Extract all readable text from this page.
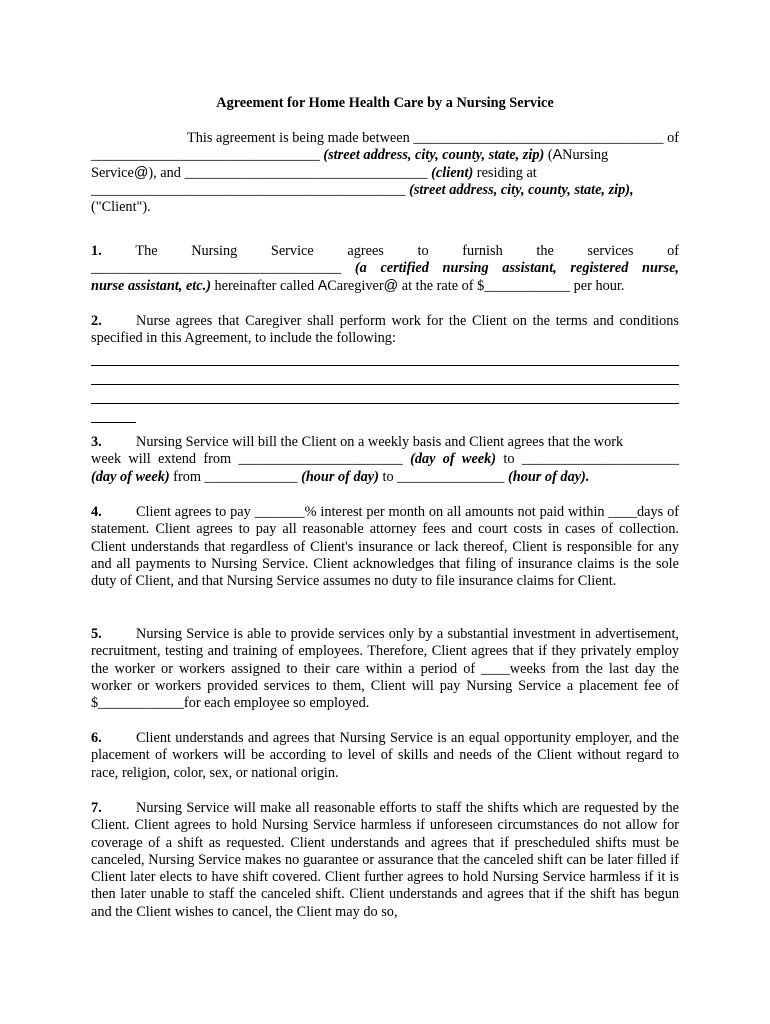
Agreement for Home Health Care by a Nursing Service
This agreement is being made between ___________________________________ of
________________________________ (street address, city, county, state, zip) (ANursing
Service@), and __________________________________ (client) residing at
____________________________________________ (street address, city, county, state, zip),
("Client").
1. The Nursing Service agrees to furnish the services of
___________________________________ (a certified nursing assistant, registered nurse,
nurse assistant, etc.) hereinafter called ACaregiver@ at the rate of $____________ per hour.
2. Nurse agrees that Caregiver shall perform work for the Client on the terms and conditions specified in this Agreement, to include the following:
3. Nursing Service will bill the Client on a weekly basis and Client agrees that the work
week will extend from _______________________ (day of week) to ______________________
(day of week) from _____________ (hour of day) to _______________ (hour of day).
4. Client agrees to pay _______% interest per month on all amounts not paid within ____days of statement. Client agrees to pay all reasonable attorney fees and court costs in cases of collection. Client understands that regardless of Client's insurance or lack thereof, Client is responsible for any and all payments to Nursing Service. Client acknowledges that filing of insurance claims is the sole duty of Client, and that Nursing Service assumes no duty to file insurance claims for Client.
5. Nursing Service is able to provide services only by a substantial investment in advertisement, recruitment, testing and training of employees. Therefore, Client agrees that if they privately employ the worker or workers assigned to their care within a period of ____weeks from the last day the worker or workers provided services to them, Client will pay Nursing Service a placement fee of $____________for each employee so employed.
6. Client understands and agrees that Nursing Service is an equal opportunity employer, and the placement of workers will be according to level of skills and needs of the Client without regard to race, religion, color, sex, or national origin.
7. Nursing Service will make all reasonable efforts to staff the shifts which are requested by the Client. Client agrees to hold Nursing Service harmless if unforeseen circumstances do not allow for coverage of a shift as requested. Client understands and agrees that if prescheduled shifts must be canceled, Nursing Service makes no guarantee or assurance that the canceled shift can be later filled if Client later elects to have shift covered. Client further agrees to hold Nursing Service harmless if it is then later unable to staff the canceled shift. Client understands and agrees that if the shift has begun and the Client wishes to cancel, the Client may do so,
